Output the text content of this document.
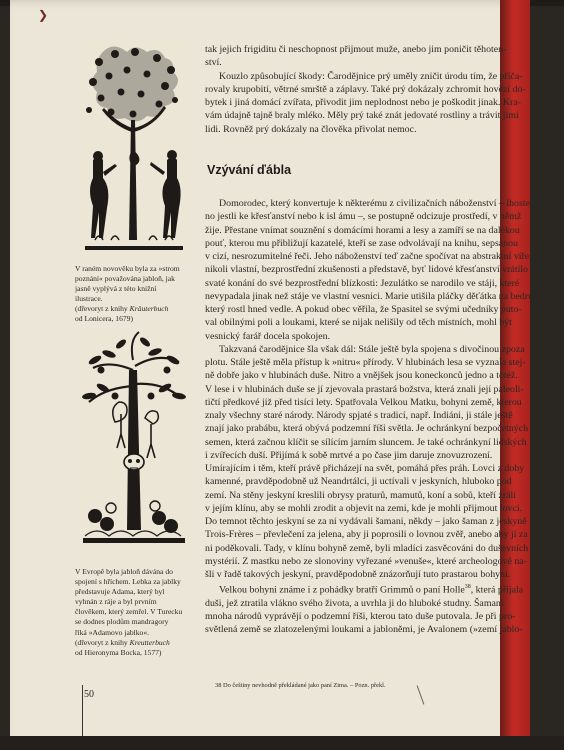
❯

V raném novověku byla za »strom
poznání« považována jabloň, jak
jasně vyplývá z této knižní
ilustrace.
(dřevoryt z knihy Kräuterbuch
od Lonicera, 1679)

V Evropě byla jabloň dávána do
spojení s hříchem. Lebka za jablky
představuje Adama, který byl
vyhnán z ráje a byl prvním
člověkem, který zemřel. V Turecku
se dodnes plodům mandragory
říká »Adamovo jablko«.
(dřevoryt z knihy Kreutterbuch
od Hieronyma Bocka, 1577)

tak jejich frigiditu či neschopnost přijmout muže, anebo jim poničit těhoten-
ství.

Kouzlo způsobující škody: Čarodějnice prý uměly zničit úrodu tím, že přiča-
rovaly krupobití, větrné smrště a záplavy. Také prý dokázaly zchromit hovězí do-
bytek i jiná domácí zvířata, přivodit jim neplodnost nebo je poškodit jinak. Kra-
vám údajně tajně braly mléko. Měly prý také znát jedovaté rostliny a trávit jimi
lidi. Rovněž prý dokázaly na člověka přivolat nemoc.

Vzývání ďábla

Domorodec, který konvertuje k některému z civilizačních náboženství – lhostej-
no jestli ke křesťanství nebo k isl ámu –, se postupně odcizuje prostředí, v němž
žije. Přestane vnímat souznění s domácími horami a lesy a zamíří se na dalekou
pouť, kterou mu přibližují kazatelé, kteří se zase odvolávají na knihu, sepsanou
v cizí, nesrozumitelné řeči. Jeho náboženství teď začne spočívat na abstraktní víře,
nikoli vlastní, bezprostřední zkušenosti a představě, byť lidové křesťanství vrátilo
svaté konání do své bezprostřední blízkosti: Jezulátko se narodilo ve stáji, které
nevypadala jinak než stáje ve vlastní vesnici. Marie utišila pláčky děťátka na bedru
který rostl hned vedle. A pokud obec věřila, že Spasitel se svými učedníky puto-
val obilnými poli a loukami, které se nijak nelišily od těch místních, mohl být
vesnický farář docela spokojen.

Takzvaná čarodějnice šla však dál: Stále ještě byla spojena s divočinou zpoza
plotu. Stále ještě měla přístup k »nitru« přírody. V hlubinách lesa se vyznala stej-
ně dobře jako v hlubinách duše. Nitro a vnějšek jsou koneckonců jedno a totéž.
V lese i v hlubinách duše se jí zjevovala prastará božstva, která znali její paleoli-
tičtí předkové již před tisíci lety. Spatřovala Velkou Matku, bohyni země, kterou
znaly všechny staré národy. Národy spjaté s tradicí, např. Indiáni, ji stále ještě
znají jako prabábu, která obývá podzemní říši světla. Je ochránkyní bezpočetných
semen, která začnou klíčit se sílícím jarním sluncem. Je také ochránkyní lidských
i zvířecích duší. Přijímá k sobě mrtvé a po čase jim daruje znovuzrození.
Umírajícím i těm, kteří právě přicházejí na svět, pomáhá přes práh. Lovci z doby
kamenné, pravděpodobně už Neandrtálci, ji uctívali v jeskyních, hluboko pod
zemí. Na stěny jeskyní kreslili obrysy praturů, mamutů, koní a sobů, kteří zrálí
v jejím klínu, aby se mohli zrodit a objevit na zemi, kde je mohli přijmout lovci.
Do temnot těchto jeskyní se za ní vydávali šamani, někdy – jako šaman z jeskyně
Trois-Frères – převlečení za jelena, aby ji poprosili o lovnou zvěř, anebo aby jí za
ni poděkovali. Tady, v klínu bohyně země, byli mladíci zasvěcováni do duševních
mystérií. Z mastku nebo ze slonoviny vyřezané »venuše«, které archeologové na-
šli v řadě takových jeskyní, pravděpodobně znázorňují tuto prastarou bohyni.

Velkou bohyni známe i z pohádky bratří Grimmů o paní Holle$^{38}$, která přijala
duši, jež ztratila vlákno svého života, a uvrhla ji do hluboké studny. Šamani
mnoha národů vyprávějí o podzemní říši, kterou tato duše putovala. Je při pro-
světlená země se zlatozelenými loukami a jabloněmi, je Avalonem (»zemí jablo-

38 Do češtiny nevhodně překládané jako paní Zima. – Pozn. překl.
50
